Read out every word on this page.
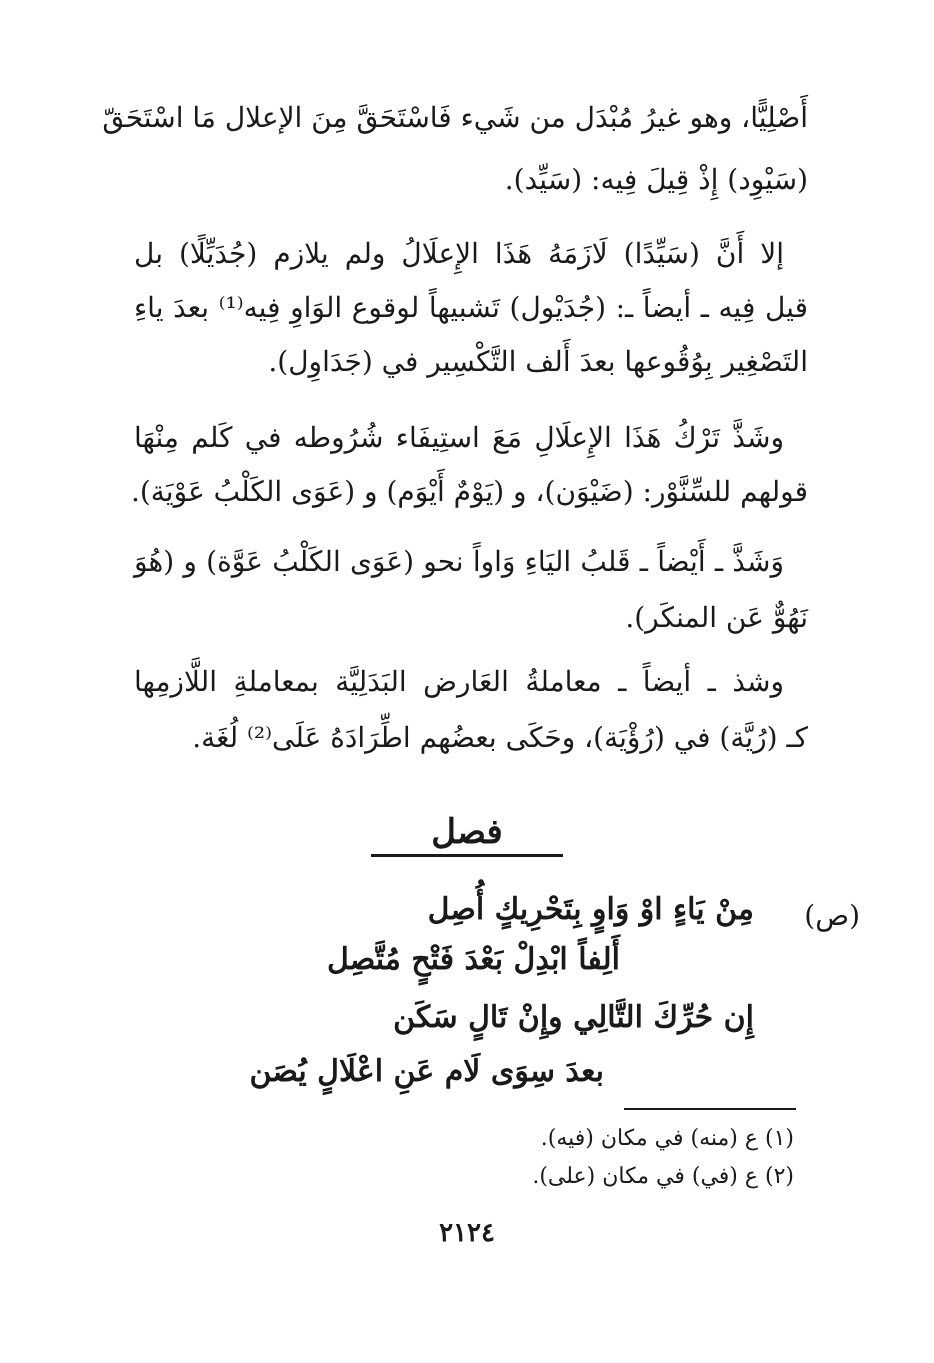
أَصْلِيًّا، وهو غيرُ مُبْدَل من شَيء فَاسْتَحَقَّ مِنَ الإعلال مَا اسْتَحَقّ
(سَيْوِد) إِذْ قِيلَ فِيه: (سَيِّد).
إلا أَنَّ (سَيِّدًا) لَازَمَهُ هَذَا الإِعلَالُ ولم يلازم (جُدَيِّلًا) بل
قيل فِيه ـ أيضاً ـ: (جُدَيْول) تَشبيهاً لوقوع الوَاوِ فِيه⁽¹⁾ بعدَ ياءِ
التَصْغِير بِوُقُوعها بعدَ أَلف التَّكْسِير في (جَدَاوِل).
وشَذَّ تَرْكُ هَذَا الإِعلَالِ مَعَ استِيفَاء شُرُوطه في كَلم مِنْهَا
قولهم للسِّنَّوْر: (ضَيْوَن)، و (يَوْمٌ أَيْوَم) و (عَوَى الكَلْبُ عَوْيَة).
وَشَذَّ ـ أَيْضاً ـ قَلبُ اليَاءِ وَاواً نحو (عَوَى الكَلْبُ عَوَّة) و (هُوَ
نَهُوٌّ عَن المنكَر).
وشذ ـ أيضاً ـ معاملةُ العَارض البَدَلِيَّة بمعاملةِ اللَّازمِها
كـ (رُيَّة) في (رُؤْيَة)، وحَكَى بعضُهم اطِّرَادَهُ عَلَى⁽²⁾ لُغَة.
فصل
(ص)
مِنْ يَاءٍ اوْ وَاوٍ بِتَحْرِيكٍ أُصِل
أَلِفاً ابْدِلْ بَعْدَ فَتْحٍ مُتَّصِل
إِن حُرِّكَ التَّالِي وإِنْ تَالٍ سَكَن
بعدَ سِوَى لَام عَنِ اعْلَالٍ يُصَن
(١) ع (منه) في مكان (فيه).
(٢) ع (في) في مكان (على).
٢١٢٤
